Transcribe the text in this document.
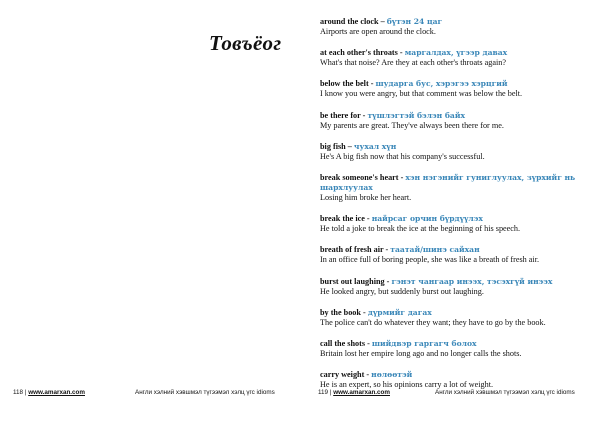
Товъёог
118 | www.amarxan.com	Англи хэлний хэвшмэл түгээмэл хэлц үгс idioms
around the clock – бүтэн 24 цаг
Airports are open around the clock.
at each other's throats - маргалдах, үгээр давах
What's that noise? Are they at each other's throats again?
below the belt - шударга бус, хэрэгээ хэрцгий
I know you were angry, but that comment was below the belt.
be there for - түшлэгтэй бэлэн байх
My parents are great. They've always been there for me.
big fish – чухал хүн
He's A big fish now that his company's successful.
break someone's heart - хэн нэгэнийг гуниглуулах, зүрхийг нь шархлуулах
Losing him broke her heart.
break the ice - найрсаг орчин бүрдүүлэх
He told a joke to break the ice at the beginning of his speech.
breath of fresh air - таатай/шинэ сайхан
In an office full of boring people, she was like a breath of fresh air.
burst out laughing - гэнэт чангаар инээх, тэсэхгүй инээх
He looked angry, but suddenly burst out laughing.
by the book - дүрмийг дагах
The police can't do whatever they want; they have to go by the book.
call the shots - шийдвэр гаргагч болох
Britain lost her empire long ago and no longer calls the shots.
carry weight - нөлөөтэй
He is an expert, so his opinions carry a lot of weight.
119 | www.amarxan.com	Англи хэлний хэвшмэл түгээмэл хэлц үгс idioms
